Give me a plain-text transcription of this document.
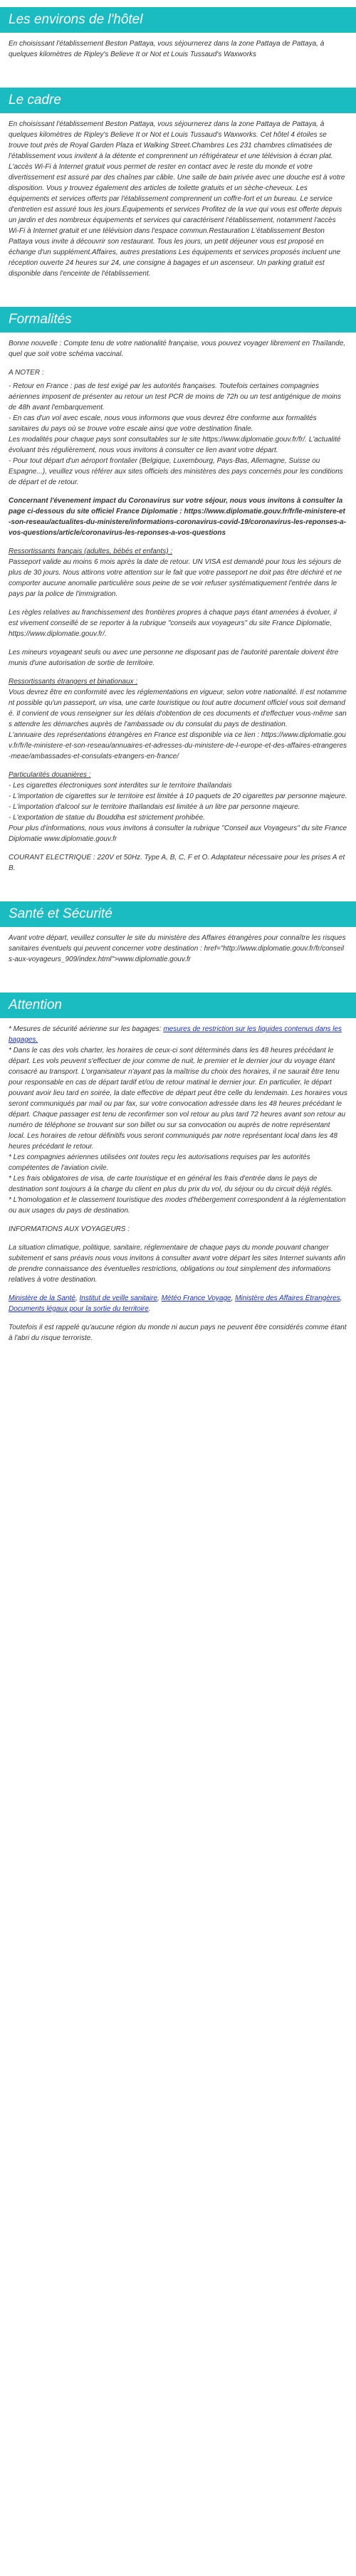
Les environs de l'hôtel

En choisissant l'établissement Beston Pattaya, vous séjournerez dans la zone Pattaya de Pattaya, à quelques kilomètres de Ripley's Believe It or Not et Louis Tussaud's Waxworks

Le cadre

En choisissant l'établissement Beston Pattaya, vous séjournerez dans la zone Pattaya de Pattaya, à quelques kilomètres de Ripley's Believe It or Not et Louis Tussaud's Waxworks. Cet hôtel 4 étoiles se trouve tout près de Royal Garden Plaza et Walking Street.Chambres Les 231 chambres climatisées de l'établissement vous invitent à la détente et comprennent un réfrigérateur et une télévision à écran plat. L'accès Wi-Fi à Internet gratuit vous permet de rester en contact avec le reste du monde et votre divertissement est assuré par des chaînes par câble. Une salle de bain privée avec une douche est à votre disposition. Vous y trouvez également des articles de toilette gratuits et un sèche-cheveux. Les équipements et services offerts par l'établissement comprennent un coffre-fort et un bureau. Le service d'entretien est assuré tous les jours.Équipements et services Profitez de la vue qui vous est offerte depuis un jardin et des nombreux équipements et services qui caractérisent l'établissement, notamment l'accès Wi-Fi à Internet gratuit et une télévision dans l'espace commun.Restauration L'établissement Beston Pattaya vous invite à découvrir son restaurant. Tous les jours, un petit déjeuner vous est proposé en échange d'un supplément.Affaires, autres prestations Les équipements et services proposés incluent une réception ouverte 24 heures sur 24, une consigne à bagages et un ascenseur. Un parking gratuit est disponible dans l'enceinte de l'établissement.

Formalités

Bonne nouvelle : Compte tenu de votre nationalité française, vous pouvez voyager librement en Thaïlande, quel que soit votre schéma vaccinal.

A NOTER :

- Retour en France : pas de test exigé par les autorités françaises. Toutefois certaines compagnies aériennes imposent de présenter au retour un test PCR de moins de 72h ou un test antigénique de moins de 48h avant l'embarquement.
- En cas d'un vol avec escale, nous vous informons que vous devrez être conforme aux formalités sanitaires du pays où se trouve votre escale ainsi que votre destination finale.
Les modalités pour chaque pays sont consultables sur le site https://www.diplomatie.gouv.fr/fr/. L'actualité évoluant très régulièrement, nous vous invitons à consulter ce lien avant votre départ.
- Pour tout départ d'un aéroport frontalier (Belgique, Luxembourg, Pays-Bas, Allemagne, Suisse ou Espagne...), veuillez vous référer aux sites officiels des ministères des pays concernés pour les conditions de départ et de retour.

Concernant l'évenement impact du Coronavirus sur votre séjour, nous vous invitons à consulter la page ci-dessous du site officiel France Diplomatie : https://www.diplomatie.gouv.fr/fr/le-ministere-et-son-reseau/actualites-du-ministere/informations-coronavirus-covid-19/coronavirus-les-reponses-a-vos-questions/article/coronavirus-les-reponses-a-vos-questions

Ressortissants français (adultes, bébés et enfants) :

Passeport valide au moins 6 mois après la date de retour. UN VISA est demandé pour tous les séjours de plus de 30 jours. Nous attirons votre attention sur le fait que votre passeport ne doit pas être déchiré et ne comporter aucune anomalie particulière sous peine de se voir refuser systématiquement l'entrée dans le pays par la police de l'immigration.

Les règles relatives au franchissement des frontières propres à chaque pays étant amenées à évoluer, il est vivement conseillé de se reporter à la rubrique "conseils aux voyageurs" du site France Diplomatie, https://www.diplomatie.gouv.fr/.

Les mineurs voyageant seuls ou avec une personne ne disposant pas de l'autorité parentale doivent être munis d'une autorisation de sortie de territoire.

Ressortissants étrangers et binationaux :

Vous devrez être en conformité avec les réglementations en vigueur, selon votre nationalité. Il est notamment possible qu'un passeport, un visa, une carte touristique ou tout autre document officiel vous soit demandé. Il convient de vous renseigner sur les délais d'obtention de ces documents et d'effectuer vous-même sans attendre les démarches auprès de l'ambassade ou du consulat du pays de destination.
L'annuaire des représentations étrangères en France est disponible via ce lien : https://www.diplomatie.gouv.fr/fr/le-ministere-et-son-reseau/annuaires-et-adresses-du-ministere-de-l-europe-et-des-affaires-etrangeres-meae/ambassades-et-consulats-etrangers-en-france/

Particularités douanières :

- Les cigarettes électroniques sont interdites sur le territoire thaïlandais
- L'importation de cigarettes sur le territoire est limitée à 10 paquets de 20 cigarettes par personne majeure.
- L'importation d'alcool sur le territoire thaïlandais est limitée à un litre par personne majeure.
- L'exportation de statue du Bouddha est strictement prohibée.
Pour plus d'informations, nous vous invitons à consulter la rubrique "Conseil aux Voyageurs" du site France Diplomatie www.diplomatie.gouv.fr

COURANT ELECTRIQUE : 220V et 50Hz. Type A, B, C, F et O. Adaptateur nécessaire pour les prises A et B.

Santé et Sécurité

Avant votre départ, veuillez consulter le site du ministère des Affaires étrangères pour connaître les risques sanitaires éventuels qui peuvent concerner votre destination : href="http://www.diplomatie.gouv.fr/fr/conseils-aux-voyageurs_909/index.html">www.diplomatie.gouv.fr

Attention

* Mesures de sécurité aérienne sur les bagages: mesures de restriction sur les liquides contenus dans les bagages.
* Dans le cas des vols charter, les horaires de ceux-ci sont déterminés dans les 48 heures précédant le départ. Les vols peuvent s'effectuer de jour comme de nuit, le premier et le dernier jour du voyage étant consacré au transport. L'organisateur n'ayant pas la maîtrise du choix des horaires, il ne saurait être tenu pour responsable en cas de départ tardif et/ou de retour matinal le dernier jour. En particulier, le départ pouvant avoir lieu tard en soirée, la date effective de départ peut être celle du lendemain. Les horaires vous seront communiqués par mail ou par fax, sur votre convocation adressée dans les 48 heures précédant le départ. Chaque passager est tenu de reconfirmer son vol retour au plus tard 72 heures avant son retour au numéro de téléphone se trouvant sur son billet ou sur sa convocation ou auprès de notre représentant local. Les horaires de retour définitifs vous seront communiqués par notre représentant local dans les 48 heures précédant le retour.
* Les compagnies aériennes utilisées ont toutes reçu les autorisations requises par les autorités compétentes de l'aviation civile.
* Les frais obligatoires de visa, de carte touristique et en général les frais d'entrée dans le pays de destination sont toujours à la charge du client en plus du prix du vol, du séjour ou du circuit déjà réglés.
* L'homologation et le classement touristique des modes d'hébergement correspondent à la réglementation ou aux usages du pays de destination.

INFORMATIONS AUX VOYAGEURS :

La situation climatique, politique, sanitaire, réglementaire de chaque pays du monde pouvant changer subitement et sans préavis nous vous invitons à consulter avant votre départ les sites Internet suivants afin de prendre connaissance des éventuelles restrictions, obligations ou tout simplement des informations relatives à votre destination.

Ministère de la Santé, Institut de veille sanitaire, Météo France Voyage, Ministère des Affaires Étrangères, Documents légaux pour la sortie du territoire.

Toutefois il est rappelé qu'aucune région du monde ni aucun pays ne peuvent être considérés comme étant à l'abri du risque terroriste.
